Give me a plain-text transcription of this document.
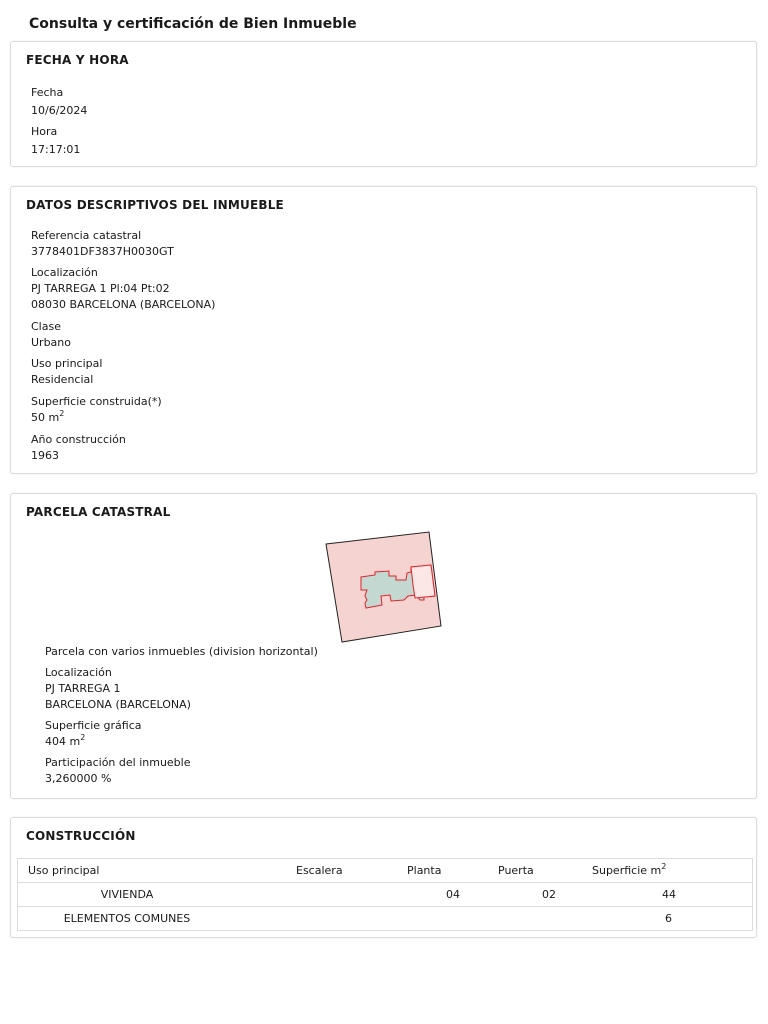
Consulta y certificación de Bien Inmueble
FECHA Y HORA
Fecha
10/6/2024
Hora
17:17:01
DATOS DESCRIPTIVOS DEL INMUEBLE
Referencia catastral
3778401DF3837H0030GT
Localización
PJ TARREGA 1 Pl:04 Pt:02
08030 BARCELONA (BARCELONA)
Clase
Urbano
Uso principal
Residencial
Superficie construida(*)
50 $m^2$
Año construcción
1963
PARCELA CATASTRAL
Parcela con varios inmuebles (division horizontal)
Localización
PJ TARREGA 1
BARCELONA (BARCELONA)
Superficie gráfica
404 $m^2$
Participación del inmueble
3,260000 %
CONSTRUCCIÓN
Uso principal	Escalera	Planta	Puerta	Superficie $m^2$
VIVIENDA		04	02	44
ELEMENTOS COMUNES				6
